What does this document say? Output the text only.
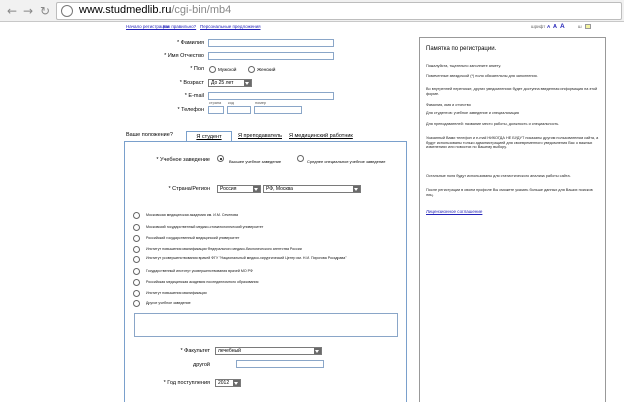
← → ↻	www.studmedlib.ru/cgi-bin/mb4
Начало регистрации
Как правильно? Персональные предложения	шрифт A A A	ш
* Фамилия
* Имя Отчество
* Пол	Мужской	Женский
* Возраст	До 25 лет
* E-mail
страна код	номер
* Телефон
Ваше положение?	Я студент	Я преподаватель Я медицинский работник
* Учебное заведение	Высшее учебное заведение	Среднее специальное учебное заведение
* Страна/Регион	Россия	РФ, Москва
Московская медицинская академия им. И.М. Сеченова
Московский государственный медико-стоматологический университет
Российский государственный медицинский университет
Институт повышения квалификации Федерального медико-биологического агентства России
Институт усовершенствования врачей ФГУ "Национальный медико-хирургический Центр им. Н.И. Пирогова Росздрава"
Государственный институт усовершенствования врачей МО РФ
Российская медицинская академия последипломного образования
Институт повышения квалификации
Другое учебное заведение
* Факультет	лечебный
другой
* Год поступления	2012
Памятка по регистрации.
Пожалуйста, тщательно заполните анкету.
Помеченные звездочкой (*) поля обязательны для заполнения.
Во внутренней переписке, других уведомлениях будет доступна введенная информация на этой форме.
Фамилия, имя и отчество
Для студентов: учебное заведение и специализация
Для преподавателей: название место работы, должность и специальность.
Указанный Вами телефон и e-mail НИКОГДА НЕ БУДУТ показаны другим пользователям сайта, а будут использованы только администрацией для своевременного уведомления Вас о важных изменениях или новостях по Вашему выбору.
Остальные поля будут использованы для статистического анализа работы сайта.
После регистрации в своем профиле Вы сможете указать больше данных для Ваших поисков лиц.
Лицензионное соглашение
